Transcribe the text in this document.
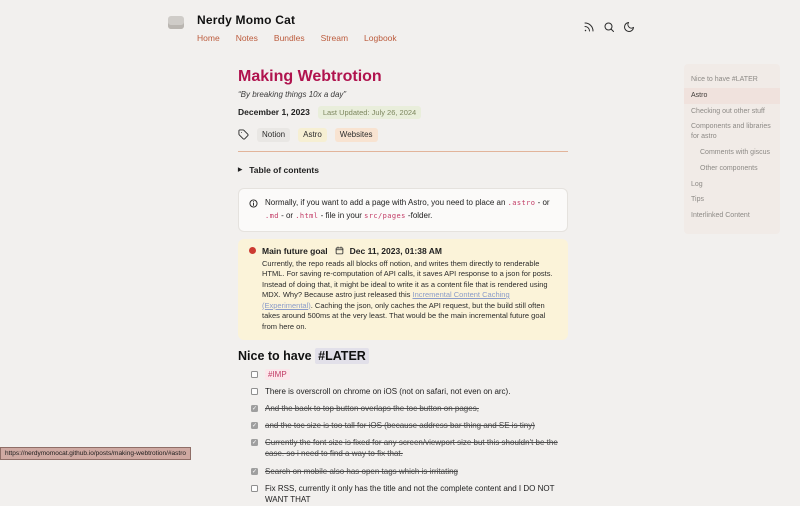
Nerdy Momo Cat
Home Notes Bundles Stream Logbook
Making Webtrotion
“By breaking things 10x a day”
December 1, 2023	Last Updated: July 26, 2024
Notion	Astro	Websites
▶ Table of contents
Normally, if you want to add a page with Astro, you need to place an .astro - or .md - or .html - file in your src/pages -folder.
Main future goal	Dec 11, 2023, 01:38 AM
Currently, the repo reads all blocks off notion, and writes them directly to renderable HTML. For saving re-computation of API calls, it saves API response to a json for posts. Instead of doing that, it might be ideal to write it as a content file that is rendered using MDX. Why? Because astro just released this Incremental Content Caching (Experimental). Caching the json, only caches the API request, but the build still often takes around 500ms at the very least. That would be the main incremental future goal from here on.
Nice to have #LATER
#IMP
There is overscroll on chrome on iOS (not on safari, not even on arc).
✓
And the back to top button overlaps the toc button on pages,
✓
and the toc size is too tall for iOS (because address bar thing and SE is tiny)
✓
Currently the font size is fixed for any screen/viewport size but this shouldn't be the case. so i need to find a way to fix that.
✓
Search on mobile also has open tags which is irritating
Fix RSS, currently it only has the title and not the complete content and I DO NOT WANT THAT
Nice to have #LATER
Astro
Checking out other stuff
Components and libraries for astro
Comments with giscus
Other components
Log
Tips
Interlinked Content
https://nerdymomocat.github.io/posts/making-webtrotion/#astro
